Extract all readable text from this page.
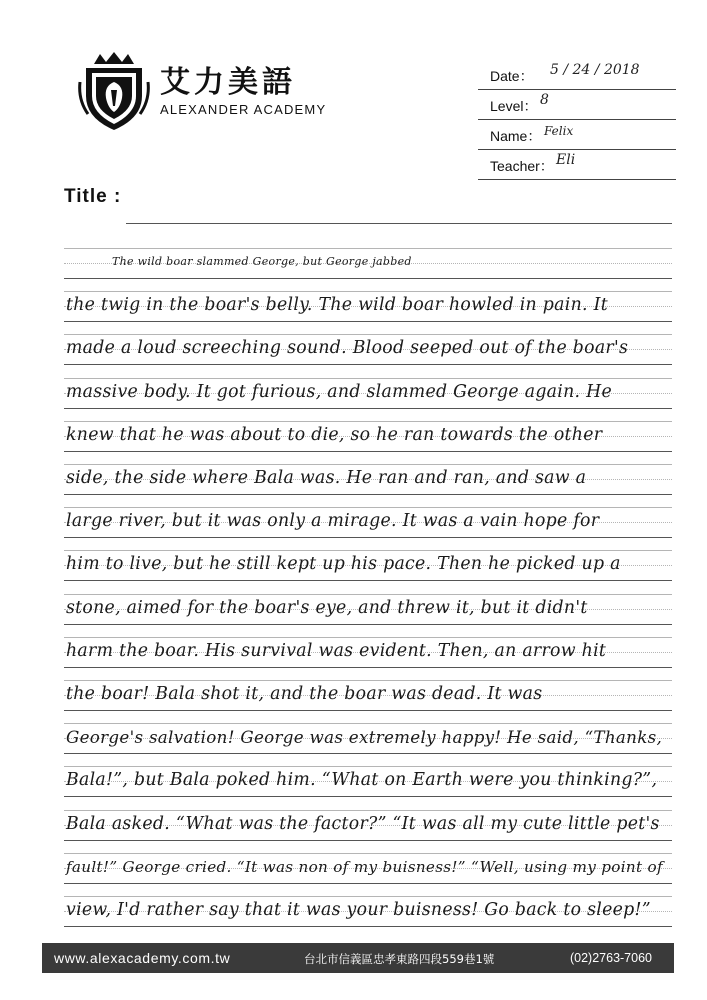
艾力美語
ALEXANDER ACADEMY
Date： 5 / 24 / 2018
Level： 8
Name： Felix
Teacher： Eli
Title :
The wild boar slammed George, but George jabbed
the twig in the boar's belly. The wild boar howled in pain. It
made a loud screeching sound. Blood seeped out of the boar's
massive body. It got furious, and slammed George again. He
knew that he was about to die, so he ran towards the other
side, the side where Bala was. He ran and ran, and saw a
large river, but it was only a mirage. It was a vain hope for
him to live, but he still kept up his pace. Then he picked up a
stone, aimed for the boar's eye, and threw it, but it didn't
harm the boar. His survival was evident. Then, an arrow hit
the boar! Bala shot it, and the boar was dead. It was
George's salvation! George was extremely happy! He said, “Thanks,
Bala!”, but Bala poked him. “What on Earth were you thinking?”,
Bala asked. “What was the factor?” “It was all my cute little pet's
fault!” George cried. “It was non of my buisness!” “Well, using my point of
view, I'd rather say that it was your buisness! Go back to sleep!”
www.alexacademy.com.tw	台北市信義區忠孝東路四段559巷1號	(02)2763-7060
